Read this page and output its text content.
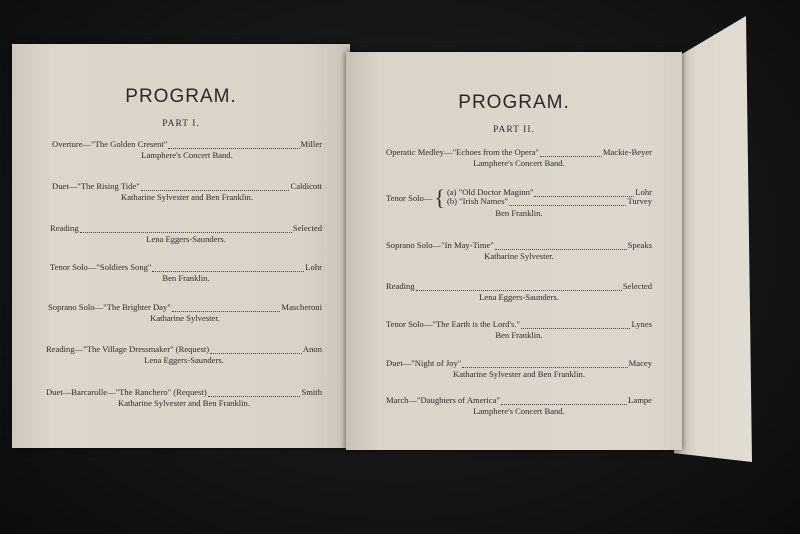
PROGRAM.
PART I.
Overture—"The Golden Cresent"	Miller
Lamphere's Concert Band.
Duet—"The Rising Tide"	Caldicott
Katharine Sylvester and Ben Franklin.
Reading	Selected
Lena Eggers-Saunders.
Tenor Solo—"Soldiers Song"	Lohr
Ben Franklin.
Soprano Solo—"The Brighter Day"	Mascheroni
Katharine Sylvester.
Reading—"The Village Dressmaker" (Request)	Anon
Lena Eggers-Saunders.
Duet—Barcarolle—"The Ranchero" (Request)	Smith
Katharine Sylvester and Ben Franklin.
PROGRAM.
PART II.
Operatic Medley—"Echoes from the Opera"	Mackie-Beyer
Lamphere's Concert Band.
Tenor Solo— { (a) "Old Doctor Maginn"	Lohr
(b) "Irish Names"	Turvey
Ben Franklin.
Soprano Solo—"In May-Time"	Speaks
Katharine Sylvester.
Reading	Selected
Lena Eggers-Saunders.
Tenor Solo—"The Earth is the Lord's."	Lynes
Ben Franklin.
Duet—"Night of Joy"	Macey
Katharine Sylvester and Ben Franklin.
March—"Daughters of America"	Lampe
Lamphere's Concert Band.
